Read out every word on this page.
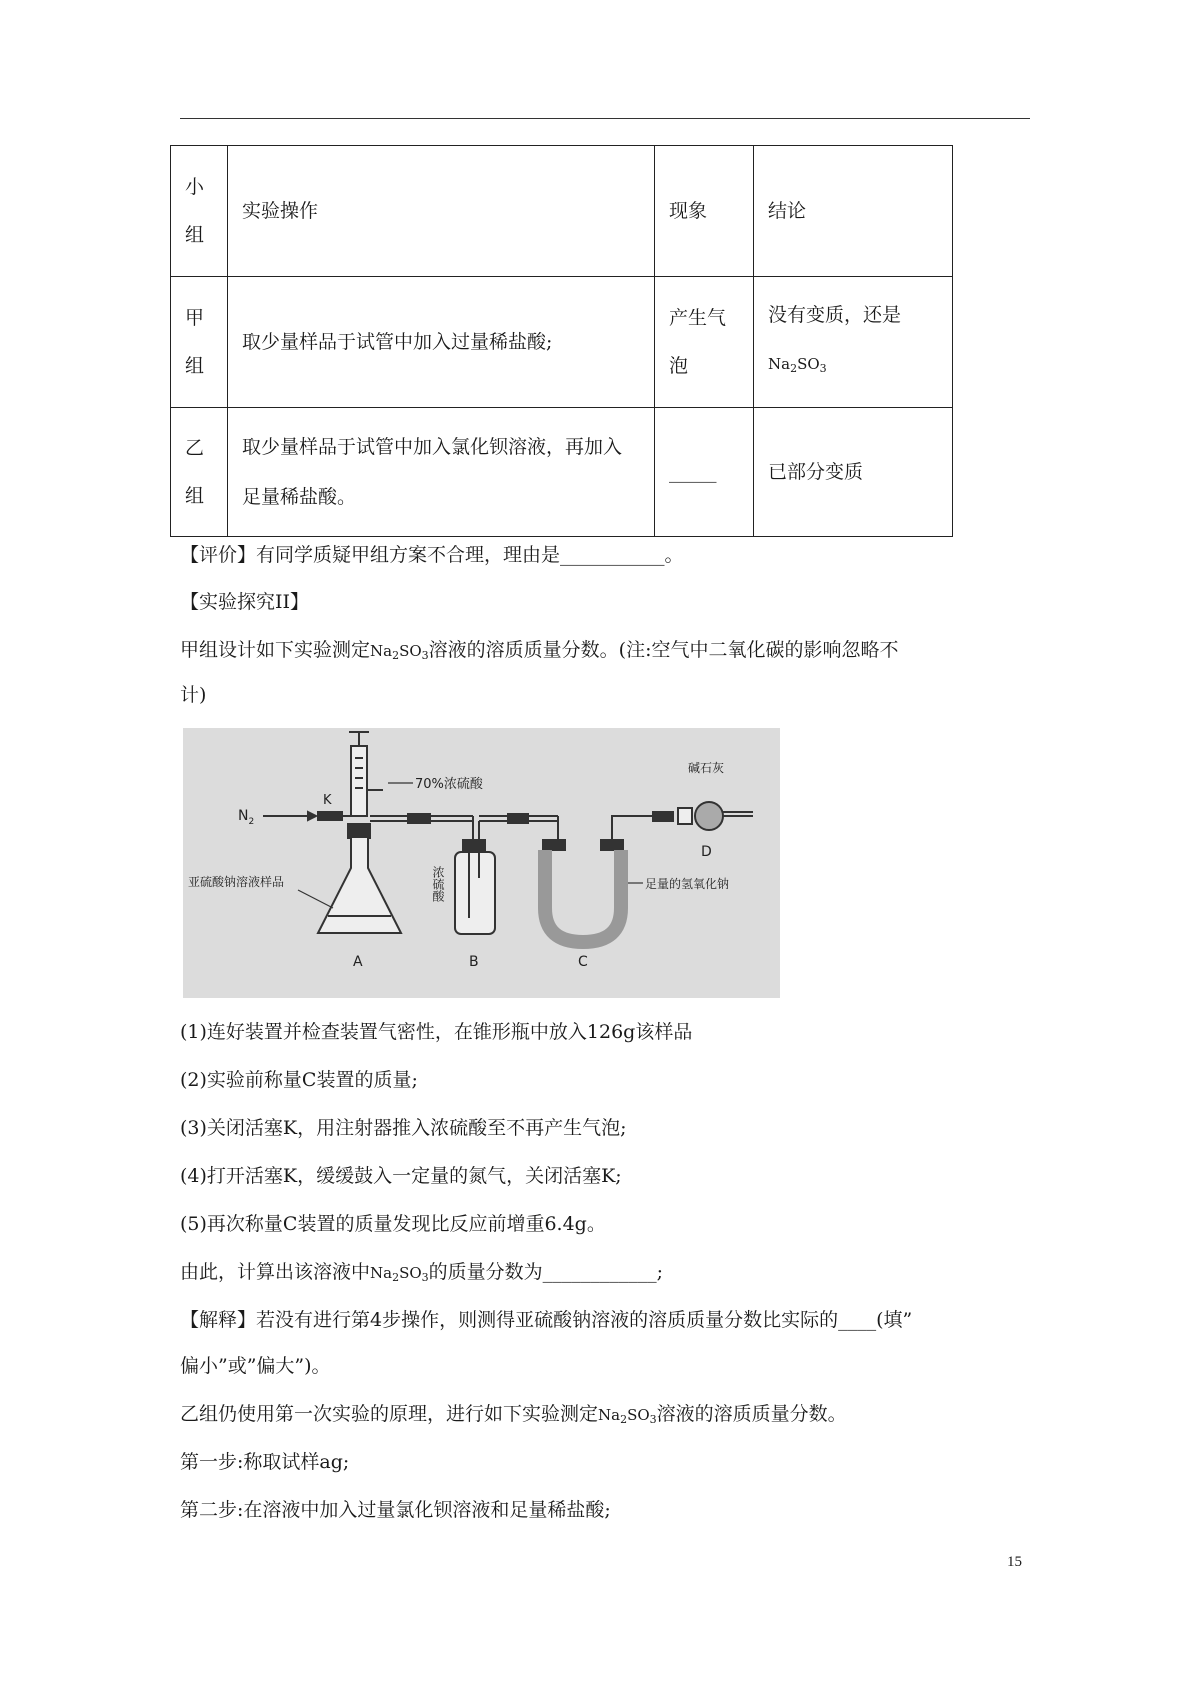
小组	实验操作	现象	结论
甲组	取少量样品于试管中加入过量稀盐酸;	产生气泡	没有变质，还是
$Na_2SO_3$
乙组	取少量样品于试管中加入氯化钡溶液，再加入足量稀盐酸。	_____	已部分变质
【评价】有同学质疑甲组方案不合理，理由是___________。
【实验探究II】
甲组设计如下实验测定$Na_2SO_3$溶液的溶质质量分数。(注:空气中二氧化碳的影响忽略不
计)
$N_2$
K
70%浓硫酸
亚硫酸钠溶液样品	浓硫酸	足量的氢氧化钠
碱石灰
A	B	C
D
(1)连好装置并检查装置气密性，在锥形瓶中放入126g该样品
(2)实验前称量C装置的质量;
(3)关闭活塞K，用注射器推入浓硫酸至不再产生气泡;
(4)打开活塞K，缓缓鼓入一定量的氮气，关闭活塞K;
(5)再次称量C装置的质量发现比反应前增重6.4g。
由此，计算出该溶液中$Na_2SO_3$的质量分数为____________;
【解释】若没有进行第4步操作，则测得亚硫酸钠溶液的溶质质量分数比实际的____(填”
偏小”或”偏大”)。
乙组仍使用第一次实验的原理，进行如下实验测定$Na_2SO_3$溶液的溶质质量分数。
第一步:称取试样ag;
第二步:在溶液中加入过量氯化钡溶液和足量稀盐酸;
15
